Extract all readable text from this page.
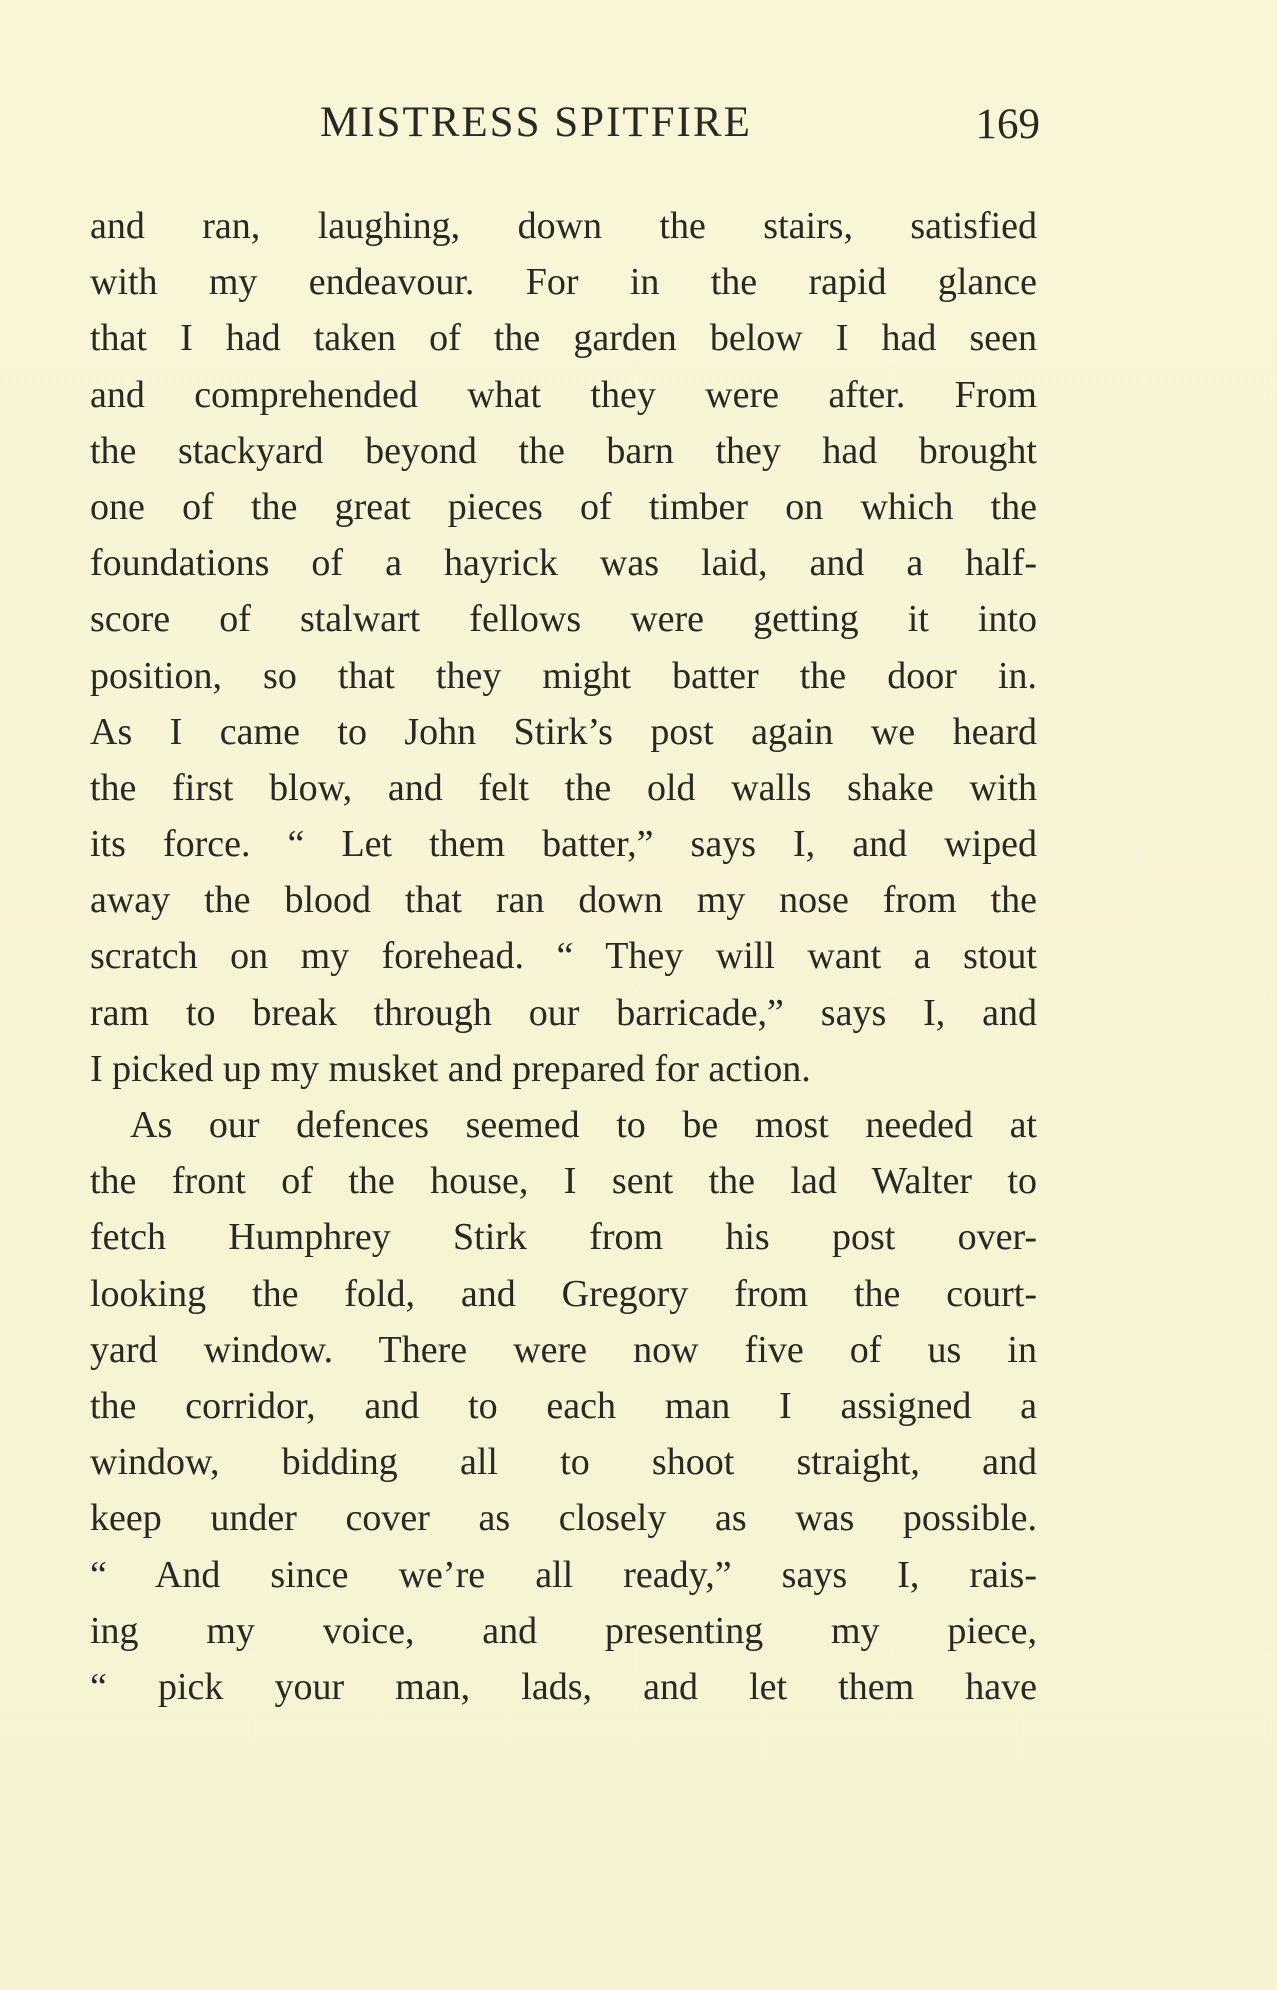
MISTRESS SPITFIRE	169
and ran, laughing, down the stairs, satisfied
with my endeavour. For in the rapid glance
that I had taken of the garden below I had seen
and comprehended what they were after. From
the stackyard beyond the barn they had brought
one of the great pieces of timber on which the
foundations of a hayrick was laid, and a half-
score of stalwart fellows were getting it into
position, so that they might batter the door in.
As I came to John Stirk’s post again we heard
the first blow, and felt the old walls shake with
its force. “ Let them batter,” says I, and wiped
away the blood that ran down my nose from the
scratch on my forehead. “ They will want a stout
ram to break through our barricade,” says I, and
I picked up my musket and prepared for action.
As our defences seemed to be most needed at
the front of the house, I sent the lad Walter to
fetch Humphrey Stirk from his post over-
looking the fold, and Gregory from the court-
yard window. There were now five of us in
the corridor, and to each man I assigned a
window, bidding all to shoot straight, and
keep under cover as closely as was possible.
“ And since we’re all ready,” says I, rais-
ing my voice, and presenting my piece,
“ pick your man, lads, and let them have
